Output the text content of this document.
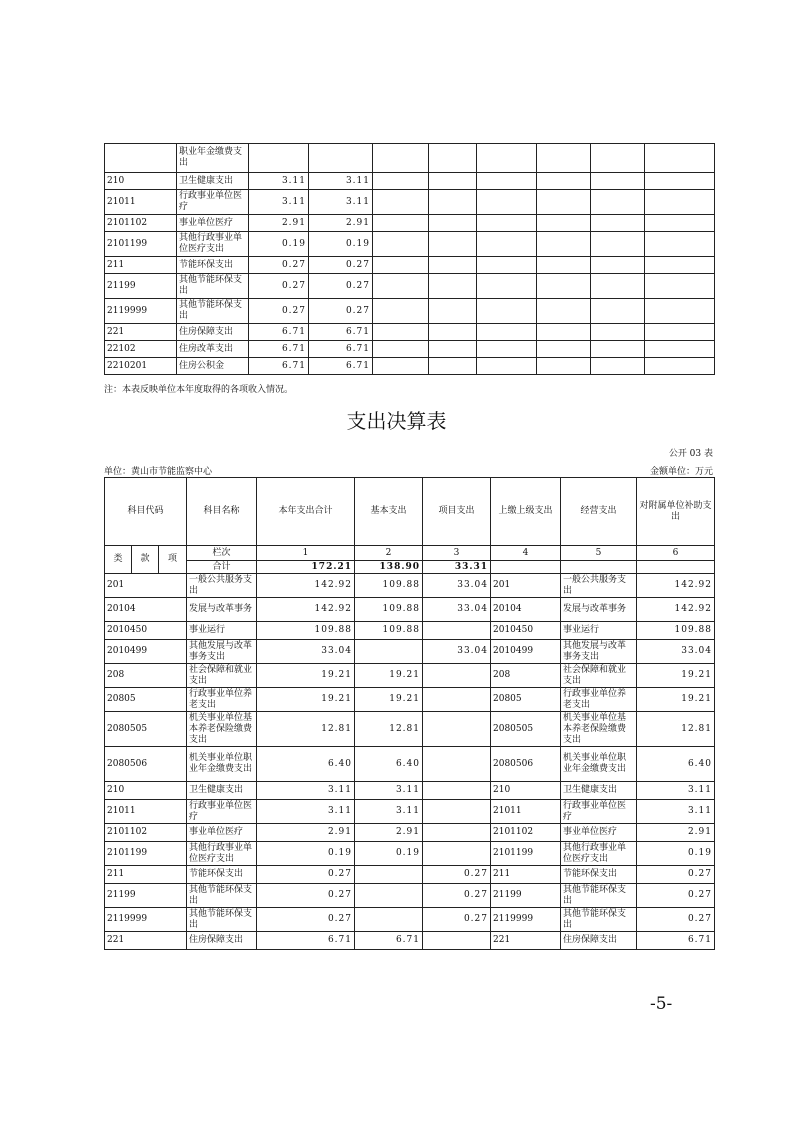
	职业年金缴费支出								
210	卫生健康支出	3.11	3.11						
21011	行政事业单位医疗	3.11	3.11						
2101102	事业单位医疗	2.91	2.91						
2101199	其他行政事业单位医疗支出	0.19	0.19						
211	节能环保支出	0.27	0.27						
21199	其他节能环保支出	0.27	0.27						
2119999	其他节能环保支出	0.27	0.27						
221	住房保障支出	6.71	6.71						
22102	住房改革支出	6.71	6.71						
2210201	住房公积金	6.71	6.71						
注：本表反映单位本年度取得的各项收入情况。
支出决算表
公开 03 表
单位：黄山市节能监察中心	金额单位：万元
科目代码			科目名称	本年支出合计	基本支出	项目支出	上缴上级支出	经营支出	对附属单位补助支出
类	款	项	栏次	1	2	3	4	5	6
			合计	172.21	138.90	33.31			
201			一般公共服务支出	142.92	109.88	33.04	201	一般公共服务支出	142.92
20104			发展与改革事务	142.92	109.88	33.04	20104	发展与改革事务	142.92
2010450			事业运行	109.88	109.88		2010450	事业运行	109.88
2010499			其他发展与改革事务支出	33.04		33.04	2010499	其他发展与改革事务支出	33.04
208			社会保障和就业支出	19.21	19.21		208	社会保障和就业支出	19.21
20805			行政事业单位养老支出	19.21	19.21		20805	行政事业单位养老支出	19.21
2080505			机关事业单位基本养老保险缴费支出	12.81	12.81		2080505	机关事业单位基本养老保险缴费支出	12.81
2080506			机关事业单位职业年金缴费支出	6.40	6.40		2080506	机关事业单位职业年金缴费支出	6.40
210			卫生健康支出	3.11	3.11		210	卫生健康支出	3.11
21011			行政事业单位医疗	3.11	3.11		21011	行政事业单位医疗	3.11
2101102			事业单位医疗	2.91	2.91		2101102	事业单位医疗	2.91
2101199			其他行政事业单位医疗支出	0.19	0.19		2101199	其他行政事业单位医疗支出	0.19
211			节能环保支出	0.27		0.27	211	节能环保支出	0.27
21199			其他节能环保支出	0.27		0.27	21199	其他节能环保支出	0.27
2119999			其他节能环保支出	0.27		0.27	2119999	其他节能环保支出	0.27
221			住房保障支出	6.71	6.71		221	住房保障支出	6.71
-5-
